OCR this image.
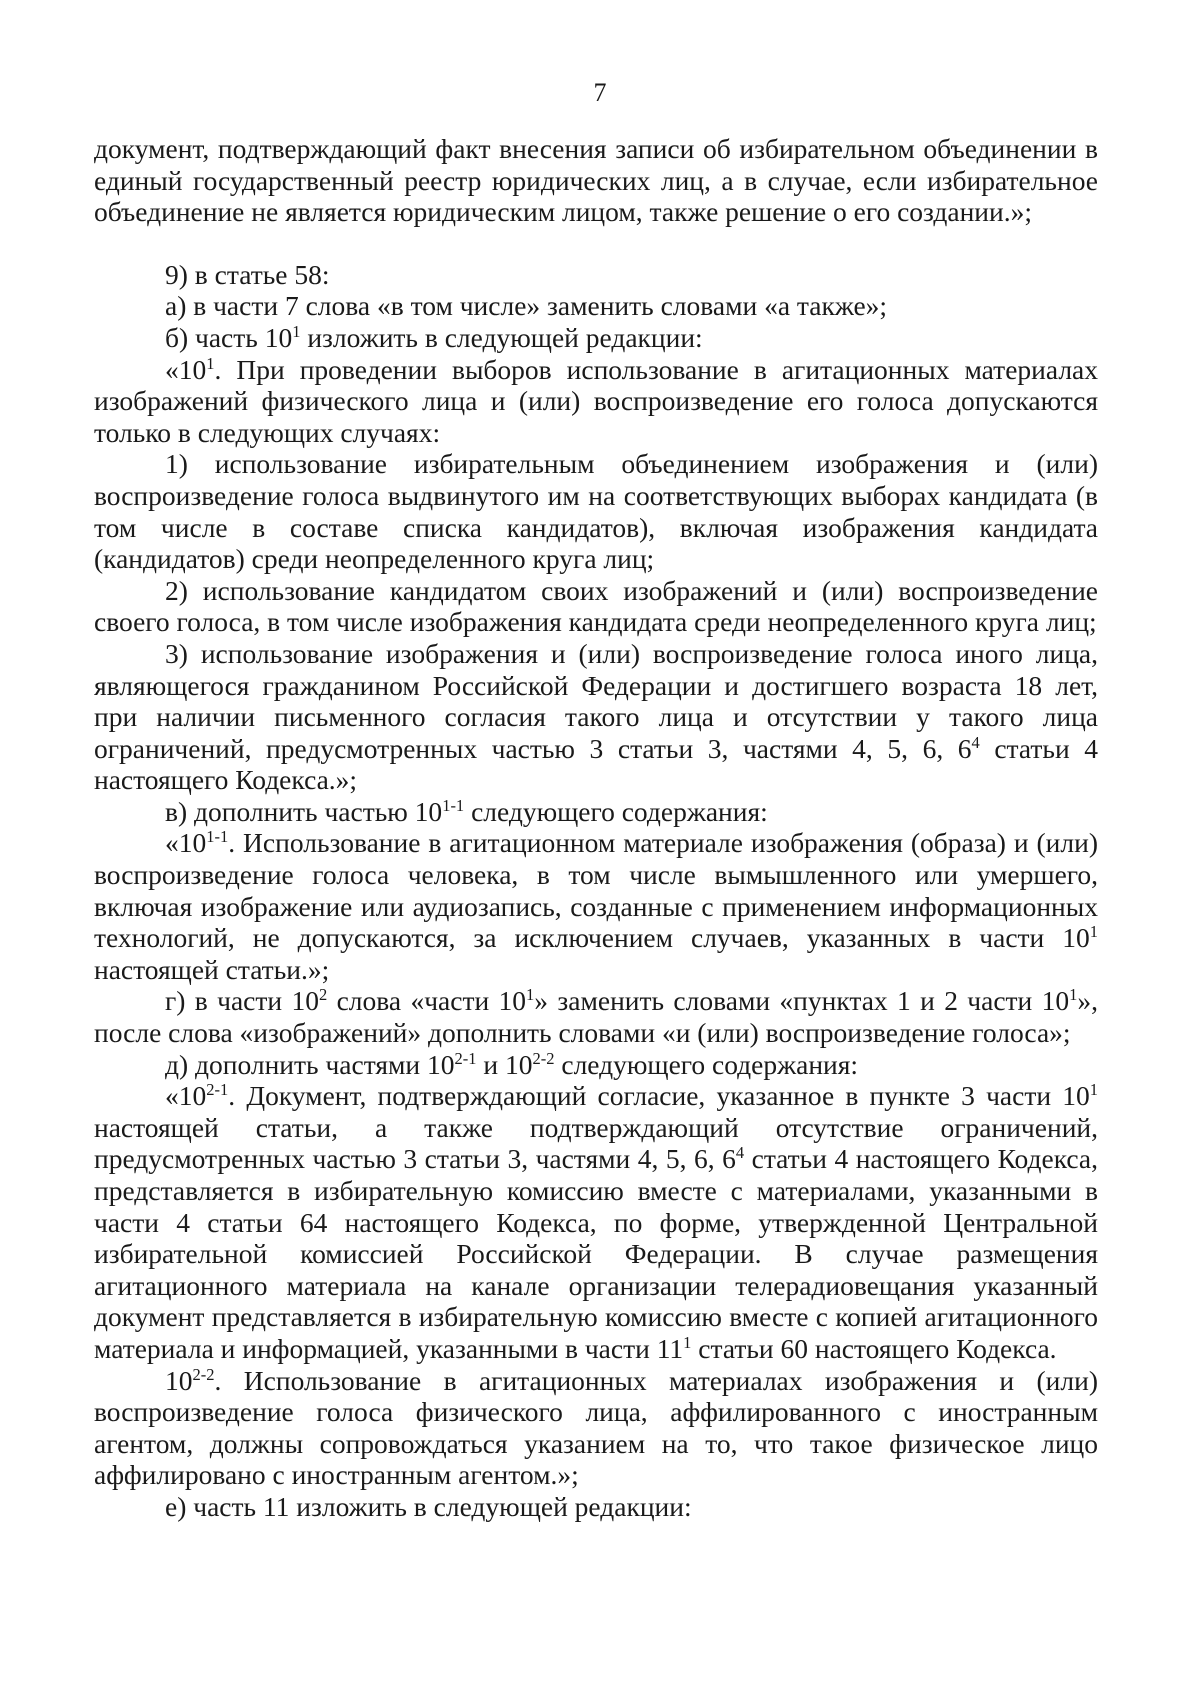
7

документ, подтверждающий факт внесения записи об избирательном объединении в единый государственный реестр юридических лиц, а в случае, если избирательное объединение не является юридическим лицом, также решение о его создании.»;

9) в статье 58:

а) в части 7 слова «в том числе» заменить словами «а также»;

б) часть $10^1$ изложить в следующей редакции:

«$10^1$. При проведении выборов использование в агитационных материалах изображений физического лица и (или) воспроизведение его голоса допускаются только в следующих случаях:

1) использование избирательным объединением изображения и (или) воспроизведение голоса выдвинутого им на соответствующих выборах кандидата (в том числе в составе списка кандидатов), включая изображения кандидата (кандидатов) среди неопределенного круга лиц;

2) использование кандидатом своих изображений и (или) воспроизведение своего голоса, в том числе изображения кандидата среди неопределенного круга лиц;

3) использование изображения и (или) воспроизведение голоса иного лица, являющегося гражданином Российской Федерации и достигшего возраста 18 лет, при наличии письменного согласия такого лица и отсутствии у такого лица ограничений, предусмотренных частью 3 статьи 3, частями 4, 5, 6, $6^4$ статьи 4 настоящего Кодекса.»;

в) дополнить частью 10$^{1-1}$ следующего содержания:

«10$^{1-1}$. Использование в агитационном материале изображения (образа) и (или) воспроизведение голоса человека, в том числе вымышленного или умершего, включая изображение или аудиозапись, созданные с применением информационных технологий, не допускаются, за исключением случаев, указанных в части $10^1$ настоящей статьи.»;

г) в части $10^2$ слова «части $10^1$» заменить словами «пунктах 1 и 2 части $10^1$», после слова «изображений» дополнить словами «и (или) воспроизведение голоса»;

д) дополнить частями 10$^{2-1}$ и 10$^{2-2}$ следующего содержания:

«10$^{2-1}$. Документ, подтверждающий согласие, указанное в пункте 3 части $10^1$ настоящей статьи, а также подтверждающий отсутствие ограничений, предусмотренных частью 3 статьи 3, частями 4, 5, 6, $6^4$ статьи 4 настоящего Кодекса, представляется в избирательную комиссию вместе с материалами, указанными в части 4 статьи 64 настоящего Кодекса, по форме, утвержденной Центральной избирательной комиссией Российской Федерации. В случае размещения агитационного материала на канале организации телерадиовещания указанный документ представляется в избирательную комиссию вместе с копией агитационного материала и информацией, указанными в части $11^1$ статьи 60 настоящего Кодекса.

10$^{2-2}$. Использование в агитационных материалах изображения и (или) воспроизведение голоса физического лица, аффилированного с иностранным агентом, должны сопровождаться указанием на то, что такое физическое лицо аффилировано с иностранным агентом.»;

е) часть 11 изложить в следующей редакции:
